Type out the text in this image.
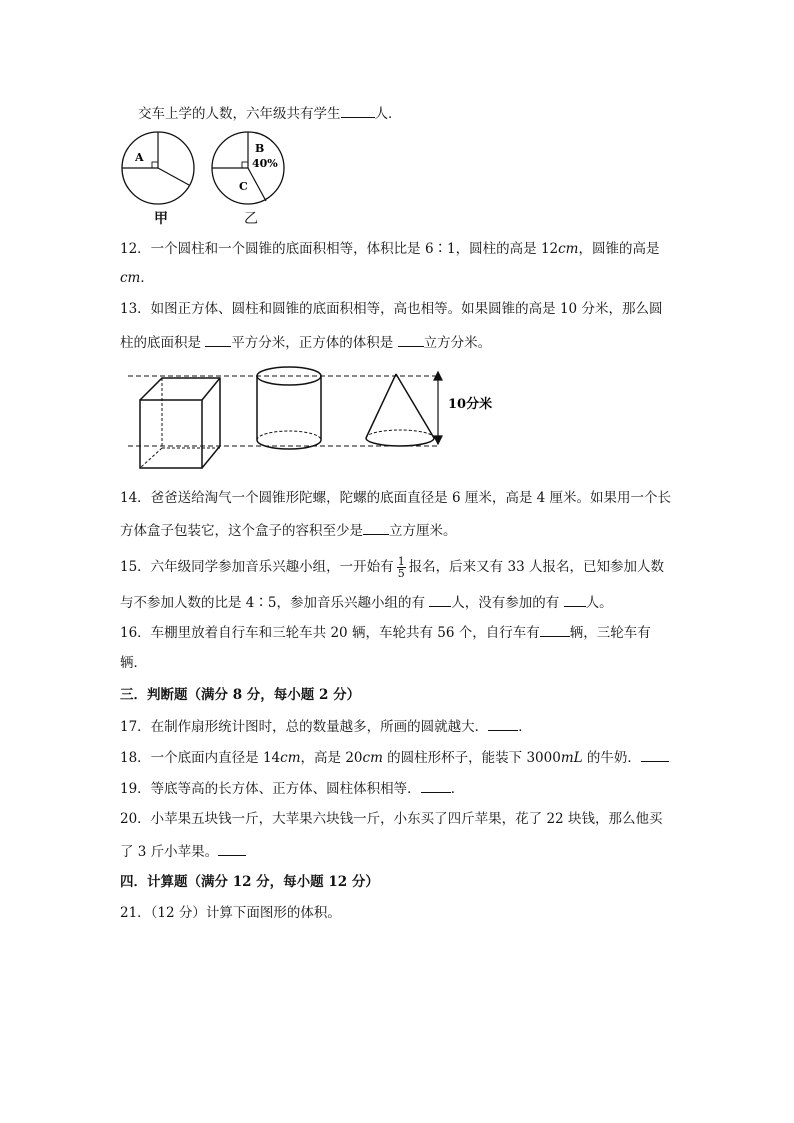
交车上学的人数，六年级共有学生	人．
A
B
40%
C
甲	乙
12．一个圆柱和一个圆锥的底面积相等，体积比是 6∶1，圆柱的高是 12cm，圆锥的高是
cm．
13．如图正方体、圆柱和圆锥的底面积相等，高也相等。如果圆锥的高是 10 分米，那么圆
柱的底面积是 平方分米，正方体的体积是 立方分米。
10分米
14．爸爸送给淘气一个圆锥形陀螺，陀螺的底面直径是 6 厘米，高是 4 厘米。如果用一个长
方体盒子包装它，这个盒子的容积至少是 立方厘米。
15．六年级同学参加音乐兴趣小组，一开始有 $\frac{1}{5}$ 报名，后来又有 33 人报名，已知参加人数
与不参加人数的比是 4∶5，参加音乐兴趣小组的有 人，没有参加的有 人。
16．车棚里放着自行车和三轮车共 20 辆，车轮共有 56 个，自行车有 辆，三轮车有
辆．
三．判断题（满分 8 分，每小题 2 分）
17．在制作扇形统计图时，总的数量越多，所画的圆就越大． ．
18．一个底面内直径是 14cm，高是 20cm 的圆柱形杯子，能装下 3000mL 的牛奶．
19．等底等高的长方体、正方体、圆柱体积相等． ．
20．小苹果五块钱一斤，大苹果六块钱一斤，小东买了四斤苹果，花了 22 块钱，那么他买
了 3 斤小苹果。
四．计算题（满分 12 分，每小题 12 分）
21．（12 分）计算下面图形的体积。
